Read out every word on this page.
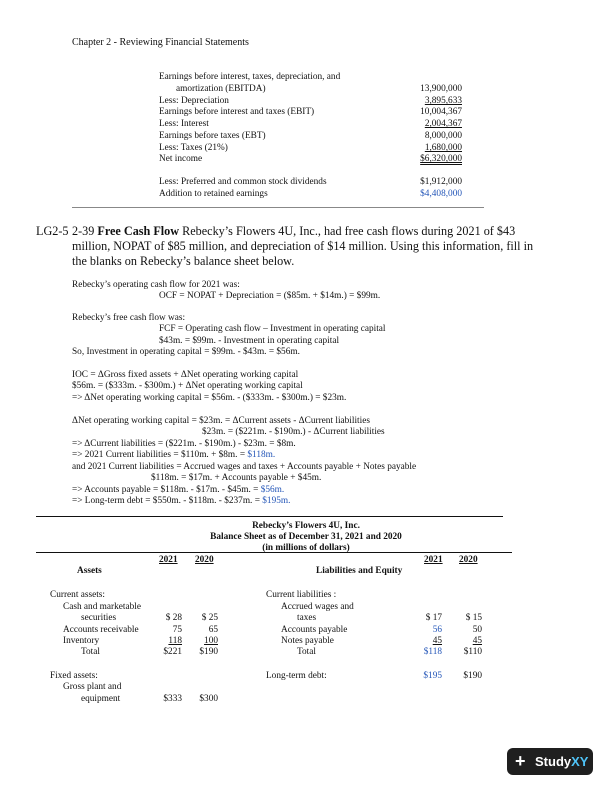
Chapter 2 - Reviewing Financial Statements
Earnings before interest, taxes, depreciation, and
amortization (EBITDA)	13,900,000
Less: Depreciation	3,895,633
Earnings before interest and taxes (EBIT)	10,004,367
Less: Interest	2,004,367
Earnings before taxes (EBT)	8,000,000
Less: Taxes (21%)	1,680,000
Net income	$6,320,000
Less: Preferred and common stock dividends	$1,912,000
Addition to retained earnings	$4,408,000
LG2-5 2-39 Free Cash Flow Rebecky’s Flowers 4U, Inc., had free cash flows during 2021 of $43
million, NOPAT of $85 million, and depreciation of $14 million. Using this information, fill in
the blanks on Rebecky’s balance sheet below.
Rebecky’s operating cash flow for 2021 was:
OCF = NOPAT + Depreciation = ($85m. + $14m.) = $99m.
Rebecky’s free cash flow was:
FCF = Operating cash flow – Investment in operating capital
$43m. = $99m. - Investment in operating capital
So, Investment in operating capital = $99m. - $43m. = $56m.
IOC = ΔGross fixed assets + ΔNet operating working capital
$56m. = ($333m. - $300m.) + ΔNet operating working capital
=> ΔNet operating working capital = $56m. - ($333m. - $300m.) = $23m.
ΔNet operating working capital = $23m. = ΔCurrent assets - ΔCurrent liabilities
$23m. = ($221m. - $190m.) - ΔCurrent liabilities
=> ΔCurrent liabilities = ($221m. - $190m.) - $23m. = $8m.
=> 2021 Current liabilities = $110m. + $8m. = $118m.
and 2021 Current liabilities = Accrued wages and taxes + Accounts payable + Notes payable
$118m. = $17m. + Accounts payable + $45m.
=> Accounts payable = $118m. - $17m. - $45m. = $56m.
=> Long-term debt = $550m. - $118m. - $237m. = $195m.
Rebecky’s Flowers 4U, Inc.
Balance Sheet as of December 31, 2021 and 2020
(in millions of dollars)
2021 2020	2021 2020
Assets	Liabilities and Equity
Current assets:
Cash and marketable
securities	$ 28	$ 25
Accounts receivable	75	65
Inventory	118	100
Total	$221	$190
Fixed assets:
Gross plant and
equipment	$333	$300
Current liabilities :
Accrued wages and
taxes	$ 17	$ 15
Accounts payable	56	50
Notes payable	45	45
Total	$118	$110
Long-term debt:	$195	$190
+ StudyXY
